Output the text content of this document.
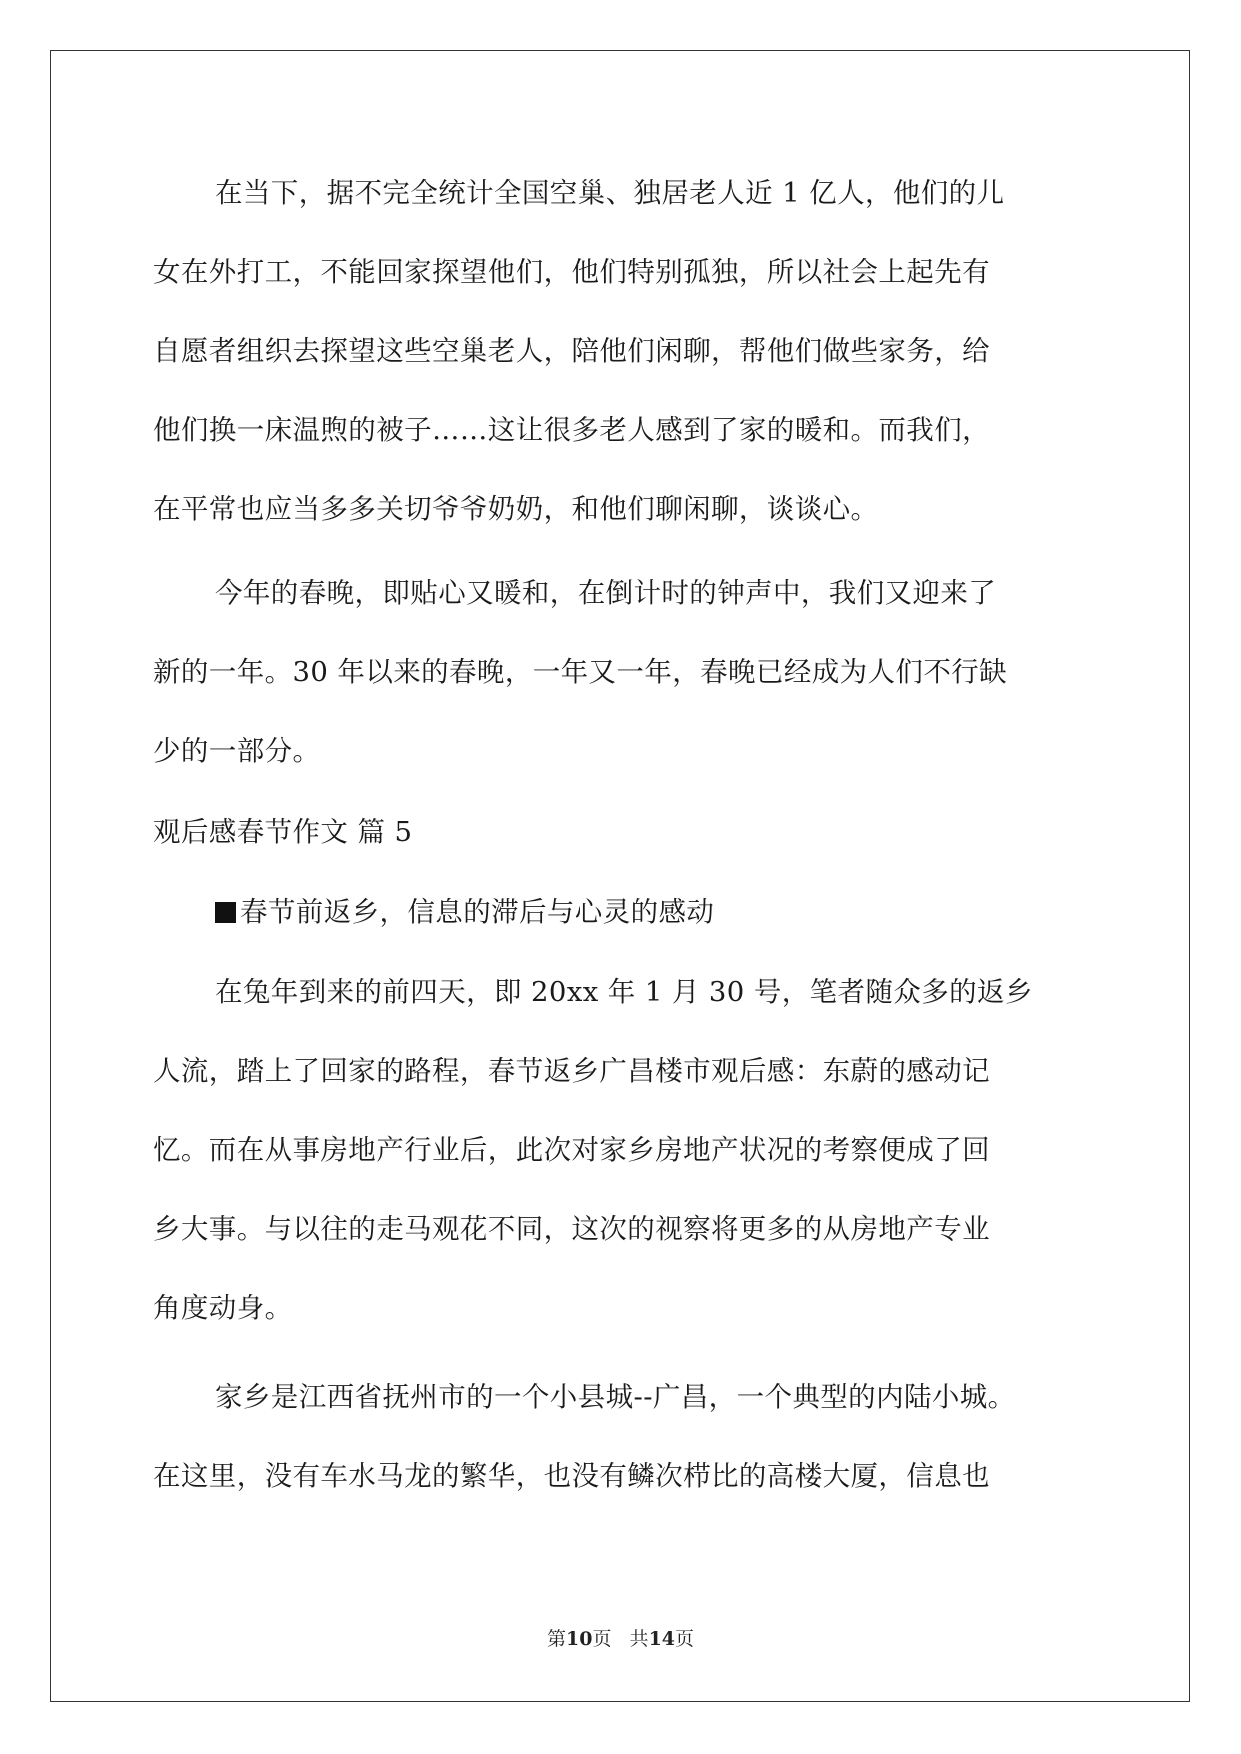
在当下，据不完全统计全国空巢、独居老人近 1 亿人，他们的儿
女在外打工，不能回家探望他们，他们特别孤独，所以社会上起先有
自愿者组织去探望这些空巢老人，陪他们闲聊，帮他们做些家务，给
他们换一床温煦的被子……这让很多老人感到了家的暖和。而我们，
在平常也应当多多关切爷爷奶奶，和他们聊闲聊，谈谈心。
今年的春晚，即贴心又暖和，在倒计时的钟声中，我们又迎来了
新的一年。30 年以来的春晚，一年又一年，春晚已经成为人们不行缺
少的一部分。
观后感春节作文 篇 5
春节前返乡，信息的滞后与心灵的感动
在兔年到来的前四天，即 20xx 年 1 月 30 号，笔者随众多的返乡
人流，踏上了回家的路程，春节返乡广昌楼市观后感：东蔚的感动记
忆。而在从事房地产行业后，此次对家乡房地产状况的考察便成了回
乡大事。与以往的走马观花不同，这次的视察将更多的从房地产专业
角度动身。
家乡是江西省抚州市的一个小县城--广昌，一个典型的内陆小城。
在这里，没有车水马龙的繁华，也没有鳞次栉比的高楼大厦，信息也
第10页   共14页
